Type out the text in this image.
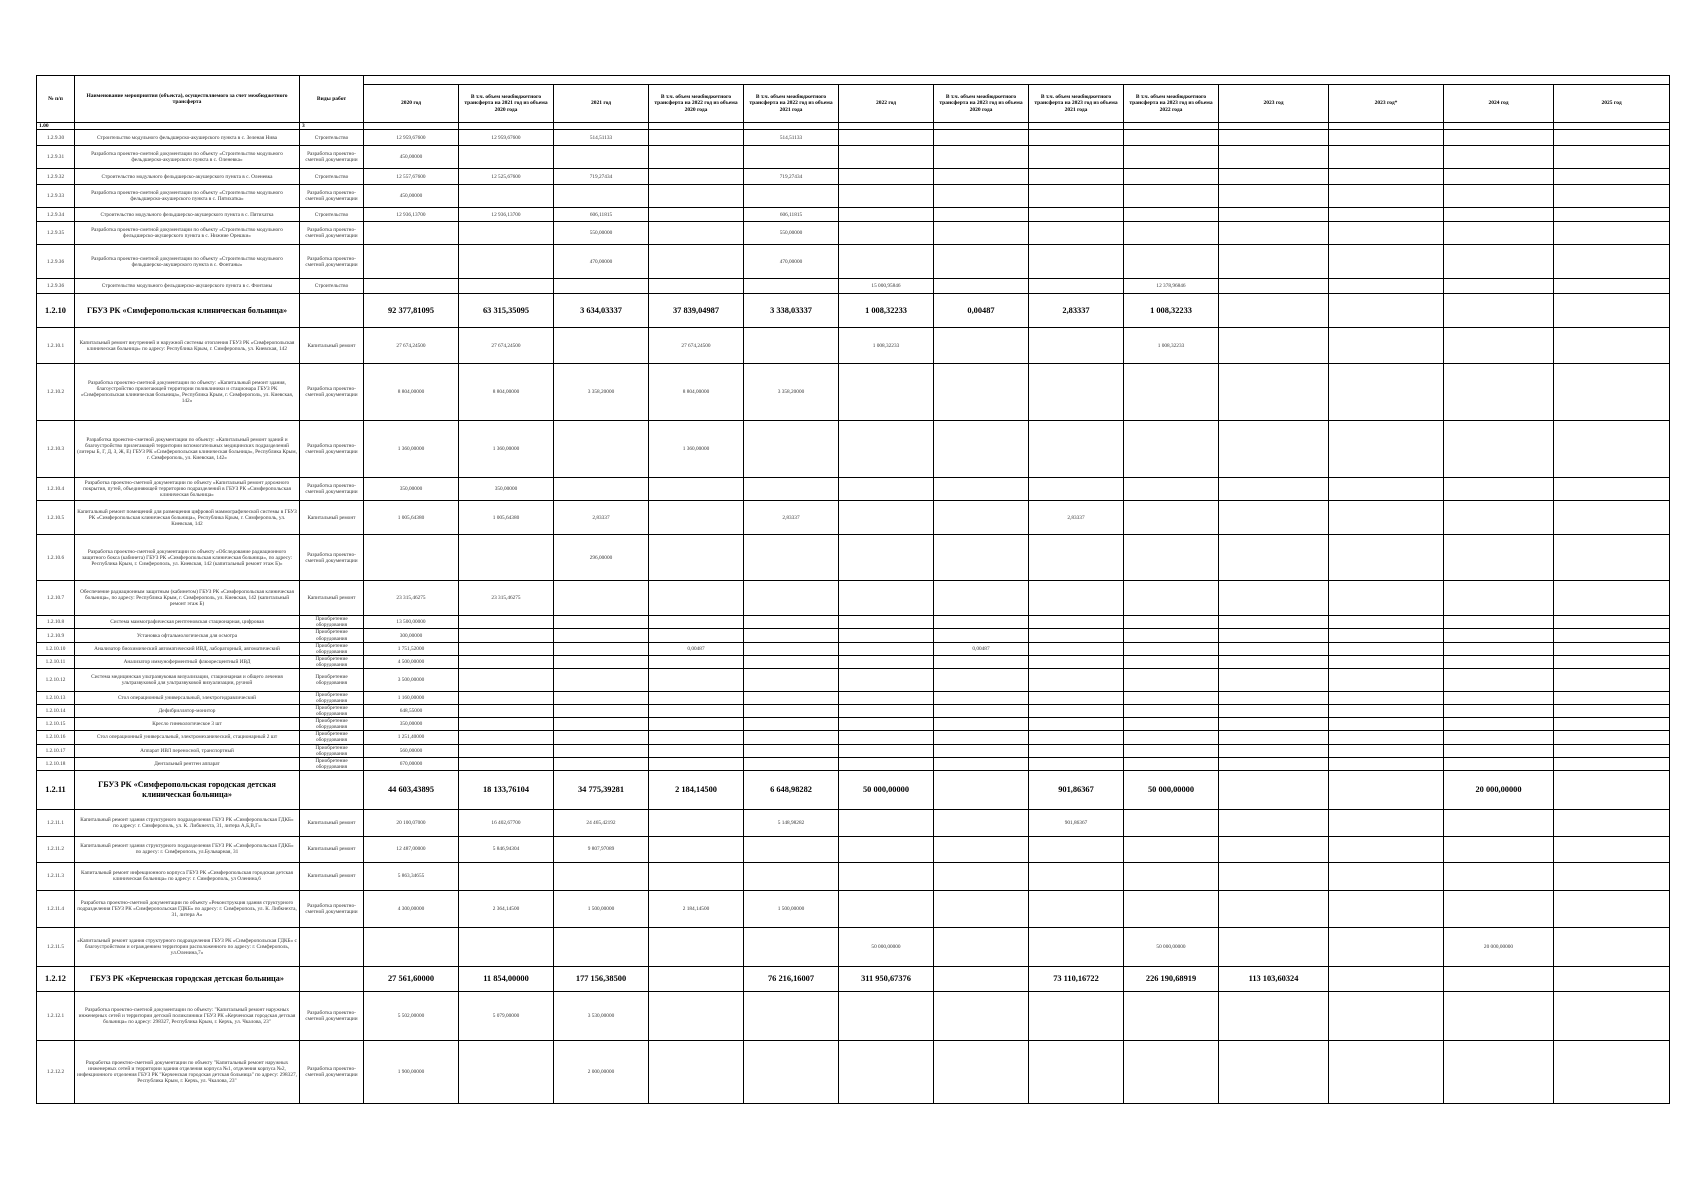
№ п/п	Наименование мероприятия (объекта), осуществляемого за счет межбюджетного трансферта	Виды работ													
			2020 год	В т.ч. объем межбюджетного трансферта на 2021 год из объема 2020 года	2021 год	В т.ч. объем межбюджетного трансферта на 2022 год из объема 2020 года	В т.ч. объем межбюджетного трансферта на 2022 год из объема 2021 года	2022 год	В т.ч. объем межбюджетного трансферта на 2023 год из объема 2020 года	В т.ч. объем межбюджетного трансферта на 2023 год из объема 2021 года	В т.ч. объем межбюджетного трансферта на 2023 год из объема 2022 года	2023 год	2023 год*	2024 год	2025 год
1.00		3													
1.2.9.30	Строительство модульного фельдшерско-акушерского пункта в с. Зеленая Нива	Строительство	12 959,67600	12 959,67600	514,51133		514,51133								
1.2.9.31	Разработка проектно-сметной документации по объекту «Строительство модульного фельдшерско-акушерского пункта в с. Оленевка»	Разработка проектно-сметной документации	450,00000												
1.2.9.32	Строительство модульного фельдшерско-акушерского пункта в с. Оленевка	Строительство	12 557,67600	12 525,67600	719,27434		719,27434								
1.2.9.33	Разработка проектно-сметной документации по объекту «Строительство модульного фельдшерско-акушерского пункта в с. Пятихатка»	Разработка проектно-сметной документации	450,00000												
1.2.9.34	Строительство модульного фельдшерско-акушерского пункта в с. Пятихатка	Строительство	12 936,13700	12 936,13700	606,11815		606,11815								
1.2.9.35	Разработка проектно-сметной документации по объекту «Строительство модульного фельдшерско-акушерского пункта в с. Нижние Орешки»	Разработка проектно-сметной документации			550,00000		550,00000								
1.2.9.36	Разработка проектно-сметной документации по объекту «Строительство модульного фельдшерско-акушерского пункта в с. Фонтаны»	Разработка проектно-сметной документации			470,00000		470,00000								
1.2.9.36	Строительство модульного фельдшерско-акушерского пункта в с. Фонтаны	Строительство						15 000,95846			12 378,96846				
1.2.10	ГБУЗ РК «Симферопольская клиническая больница»		92 377,81095	63 315,35095	3 634,03337	37 839,04987	3 338,03337	1 008,32233	0,00487	2,83337	1 008,32233				
1.2.10.1	Капитальный ремонт внутренней и наружной системы отопления ГБУЗ РК «Симферопольская клиническая больница» по адресу: Республика Крым, г. Симферополь, ул. Киевская, 142	Капитальный ремонт	27 674,24500	27 674,24500		27 674,24500		1 008,32233			1 008,32233				
1.2.10.2	Разработка проектно-сметной документации по объекту: «Капитальный ремонт здания, благоустройство прилегающей территории поликлиники и стационара ГБУЗ РК «Симферопольская клиническая больница», Республика Крым, г. Симферополь, ул. Киевская, 142»	Разработка проектно-сметной документации	8 804,00000	8 804,00000	3 358,20000	8 804,00000	3 358,20000								
1.2.10.3	Разработка проектно-сметной документации по объекту: «Капитальный ремонт зданий и благоустройство прилегающей территории вспомогательных медицинских подразделений (литеры Б, Г, Д, З, Ж, Е) ГБУЗ РК «Симферопольская клиническая больница», Республика Крым, г. Симферополь, ул. Киевская, 142»	Разработка проектно-сметной документации	1 360,00000	1 360,00000		1 360,00000									
1.2.10.4	Разработка проектно-сметной документации по объекту «Капитальный ремонт дорожного покрытия, путей, объединяющей территорию подразделений в ГБУЗ РК «Симферопольская клиническая больница»	Разработка проектно-сметной документации	350,00000	350,00000											
1.2.10.5	Капитальный ремонт помещений для размещения цифровой маммографической системы в ГБУЗ РК «Симферопольская клиническая больница», Республика Крым, г. Симферополь, ул. Киевская, 142	Капитальный ремонт	1 005,64380	1 005,64380	2,83337		2,83337			2,83337					
1.2.10.6	Разработка проектно-сметной документации по объекту «Обследование радиационного защитного бокса (кабинета) ГБУЗ РК «Симферопольская клиническая больница», по адресу: Республика Крым, г. Симферополь, ул. Киевская, 142 (капитальный ремонт этаж Б)»	Разработка проектно-сметной документации			296,00000										
1.2.10.7	Обеспечение радиационным защитным (кабинетом) ГБУЗ РК «Симферопольская клиническая больница», по адресу: Республика Крым, г. Симферополь, ул. Киевская, 142 (капитальный ремонт этаж Б)	Капитальный ремонт	23 315,46275	23 315,46275											
1.2.10.8	Система маммографическая рентгеновская стационарная, цифровая	Приобретение оборудования	13 500,00000												
1.2.10.9	Установка офтальмологическая для осмотра	Приобретение оборудования	300,00000												
1.2.10.10	Анализатор биохимический автоматический ИВД, лабораторный, автоматический	Приобретение оборудования	1 751,52000			0,00487			0,00487						
1.2.10.11	Анализатор иммуноферментный флюоресцентный ИВД	Приобретение оборудования	4 500,00000												
1.2.10.12	Система медицинская ультразвуковая визуализации, стационарная и общего лечения ультразвуковой для ультразвуковой визуализации, ручной	Приобретение оборудования	3 500,00000												
1.2.10.13	Стол операционный универсальный, электрогидравлический	Приобретение оборудования	1 160,00000												
1.2.10.14	Дефибриллятор-монитор	Приобретение оборудования	648,55000												
1.2.10.15	Кресло гинекологическое 3 шт	Приобретение оборудования	350,00000												
1.2.10.16	Стол операционный универсальный, электромеханический, стационарный 2 шт	Приобретение оборудования	1 251,40000												
1.2.10.17	Аппарат ИВЛ переносной, транспортный	Приобретение оборудования	560,00000												
1.2.10.18	Дентальный рентген аппарат	Приобретение оборудования	670,00000												
1.2.11	ГБУЗ РК «Симферопольская городская детская клиническая больница»		44 603,43895	18 133,76104	34 775,39281	2 184,14500	6 648,98282	50 000,00000		901,86367	50 000,00000			20 000,00000	
1.2.11.1	Капитальный ремонт здания структурного подразделения ГБУЗ РК «Симферопольская ГДКБ» по адресу: г. Симферополь, ул. К. Либкнехта, 31, литера А,Б,В,Г»	Капитальный ремонт	20 100,07000	16 402,67700	24 465,42192		5 148,98282			901,86367					
1.2.11.2	Капитальный ремонт здания структурного подразделения ГБУЗ РК «Симферопольская ГДКБ» по адресу: г. Симферополь, ул.Бульварная, 31	Капитальный ремонт	12 487,00000	5 846,94304	9 807,97089										
1.2.11.3	Капитальный ремонт инфекционного корпуса ГБУЗ РК «Симферопольская городская детская клиническая больница» по адресу: г. Симферополь, ул Оленина,6	Капитальный ремонт	5 863,34655												
1.2.11.4	Разработка проектно-сметной документации по объекту «Реконструкция здания структурного подразделения ГБУЗ РК «Симферопольская ГДКБ» по адресу: г. Симферополь, ул. К. Либкнехта, 31, литера А»	Разработка проектно-сметной документации	4 300,00000	2 364,14500	1 500,00000	2 184,14500	1 500,00000								
1.2.11.5	«Капитальный ремонт здания структурного подразделения ГБУЗ РК «Симферопольская ГДКБ» с благоустройством и ограждением территории расположенного по адресу: г. Симферополь, ул.Оленина,7»							50 000,00000			50 000,00000			20 000,00000	
1.2.12	ГБУЗ РК «Керченская городская детская больница»		27 561,60000	11 854,00000	177 156,38500		76 216,16007	311 950,67376		73 110,16722	226 190,68919	113 103,60324			
1.2.12.1	Разработка проектно-сметной документации по объекту: "Капитальный ремонт наружных инженерных сетей и территории детской поликлиники ГБУЗ РК «Керченская городская детская больница» по адресу: 298327, Республика Крым, г. Керчь, ул. Чкалова, 23"	Разработка проектно-сметной документации	5 502,00000	5 079,00000	3 530,00000										
1.2.12.2	Разработка проектно-сметной документации по объекту "Капитальный ремонт наружных инженерных сетей и территории здания отделения корпуса №1, отделения корпуса №2, инфекционного отделения ГБУЗ РК "Керченская городская детская больница" по адресу: 298327, Республика Крым, г. Керчь, ул. Чкалова, 23"	Разработка проектно-сметной документации	1 900,00000		2 000,00000										
